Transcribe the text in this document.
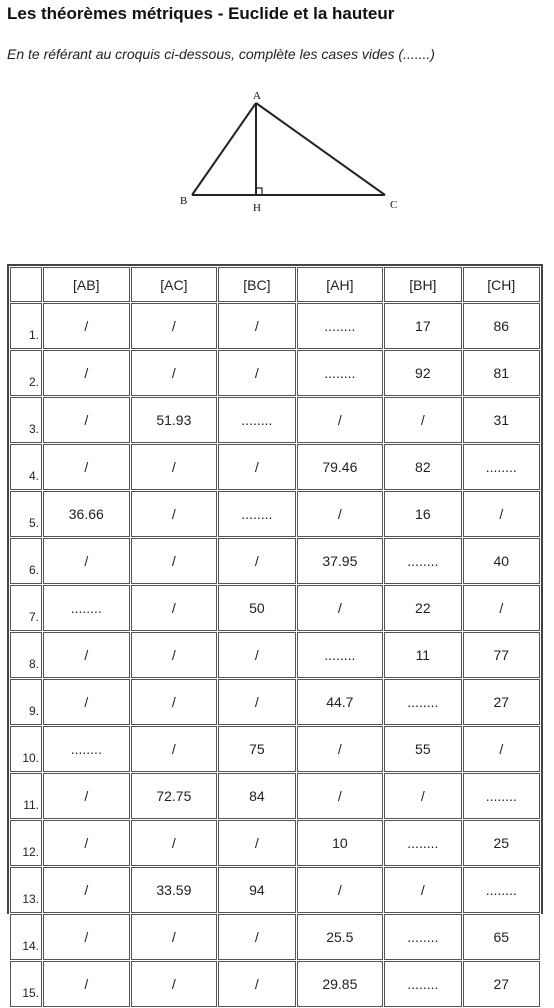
Les théorèmes métriques - Euclide et la hauteur
En te référant au croquis ci-dessous, complète les cases vides (.......)
A
B
H	C
	[AB]	[AC]	[BC]	[AH]	[BH]	[CH]
1.	/	/	/	........	17	86
2.	/	/	/	........	92	81
3.	/	51.93	........	/	/	31
4.	/	/	/	79.46	82	........
5.	36.66	/	........	/	16	/
6.	/	/	/	37.95	........	40
7.	........	/	50	/	22	/
8.	/	/	/	........	11	77
9.	/	/	/	44.7	........	27
10.	........	/	75	/	55	/
11.	/	72.75	84	/	/	........
12.	/	/	/	10	........	25
13.	/	33.59	94	/	/	........
14.	/	/	/	25.5	........	65
15.	/	/	/	29.85	........	27
